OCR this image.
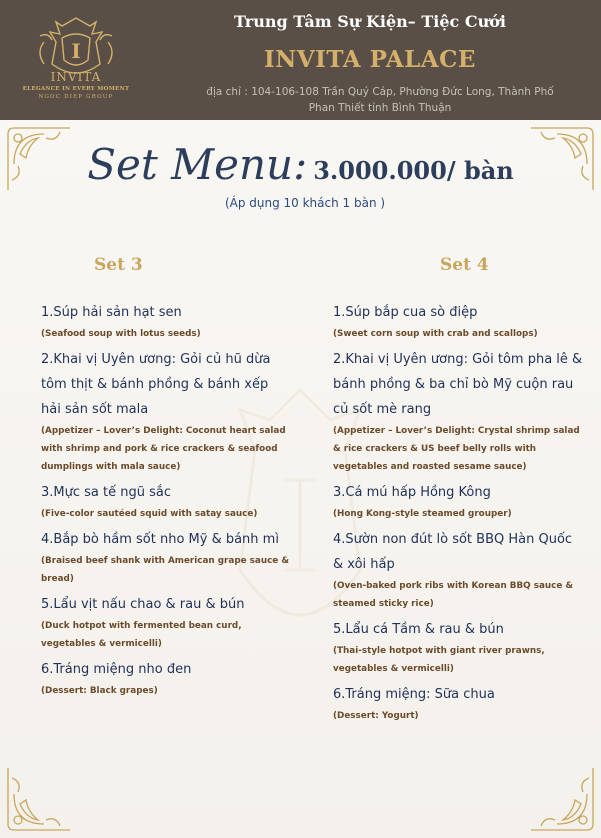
I
INVITA
ELEGANCE IN EVERY MOMENT
NGOC DIEP GROUP
Trung Tâm Sự Kiện– Tiệc Cưới
INVITA PALACE
địa chỉ : 104-106-108 Trần Quý Cáp, Phường Đức Long, Thành Phố
Phan Thiết tỉnh Bình Thuận
Set Menu: 3.000.000/ bàn
(Áp dụng 10 khách 1 bàn )
Set 3	Set 4
1.Súp hải sản hạt sen
(Seafood soup with lotus seeds)
2.Khai vị Uyên ương: Gỏi củ hũ dừa tôm thịt & bánh phồng & bánh xếp hải sản sốt mala
(Appetizer – Lover’s Delight: Coconut heart salad with shrimp and pork & rice crackers & seafood dumplings with mala sauce)
3.Mực sa tế ngũ sắc
(Five-color sautéed squid with satay sauce)
4.Bắp bò hầm sốt nho Mỹ & bánh mì
(Braised beef shank with American grape sauce & bread)
5.Lẩu vịt nấu chao & rau & bún
(Duck hotpot with fermented bean curd, vegetables & vermicelli)
6.Tráng miệng nho đen
(Dessert: Black grapes)
1.Súp bắp cua sò điệp
(Sweet corn soup with crab and scallops)
2.Khai vị Uyên ương: Gỏi tôm pha lê & bánh phồng & ba chỉ bò Mỹ cuộn rau củ sốt mè rang
(Appetizer – Lover’s Delight: Crystal shrimp salad & rice crackers & US beef belly rolls with vegetables and roasted sesame sauce)
3.Cá mú hấp Hồng Kông
(Hong Kong-style steamed grouper)
4.Sườn non đút lò sốt BBQ Hàn Quốc & xôi hấp
(Oven-baked pork ribs with Korean BBQ sauce & steamed sticky rice)
5.Lẩu cá Tầm & rau & bún
(Thai-style hotpot with giant river prawns, vegetables & vermicelli)
6.Tráng miệng: Sữa chua
(Dessert: Yogurt)
